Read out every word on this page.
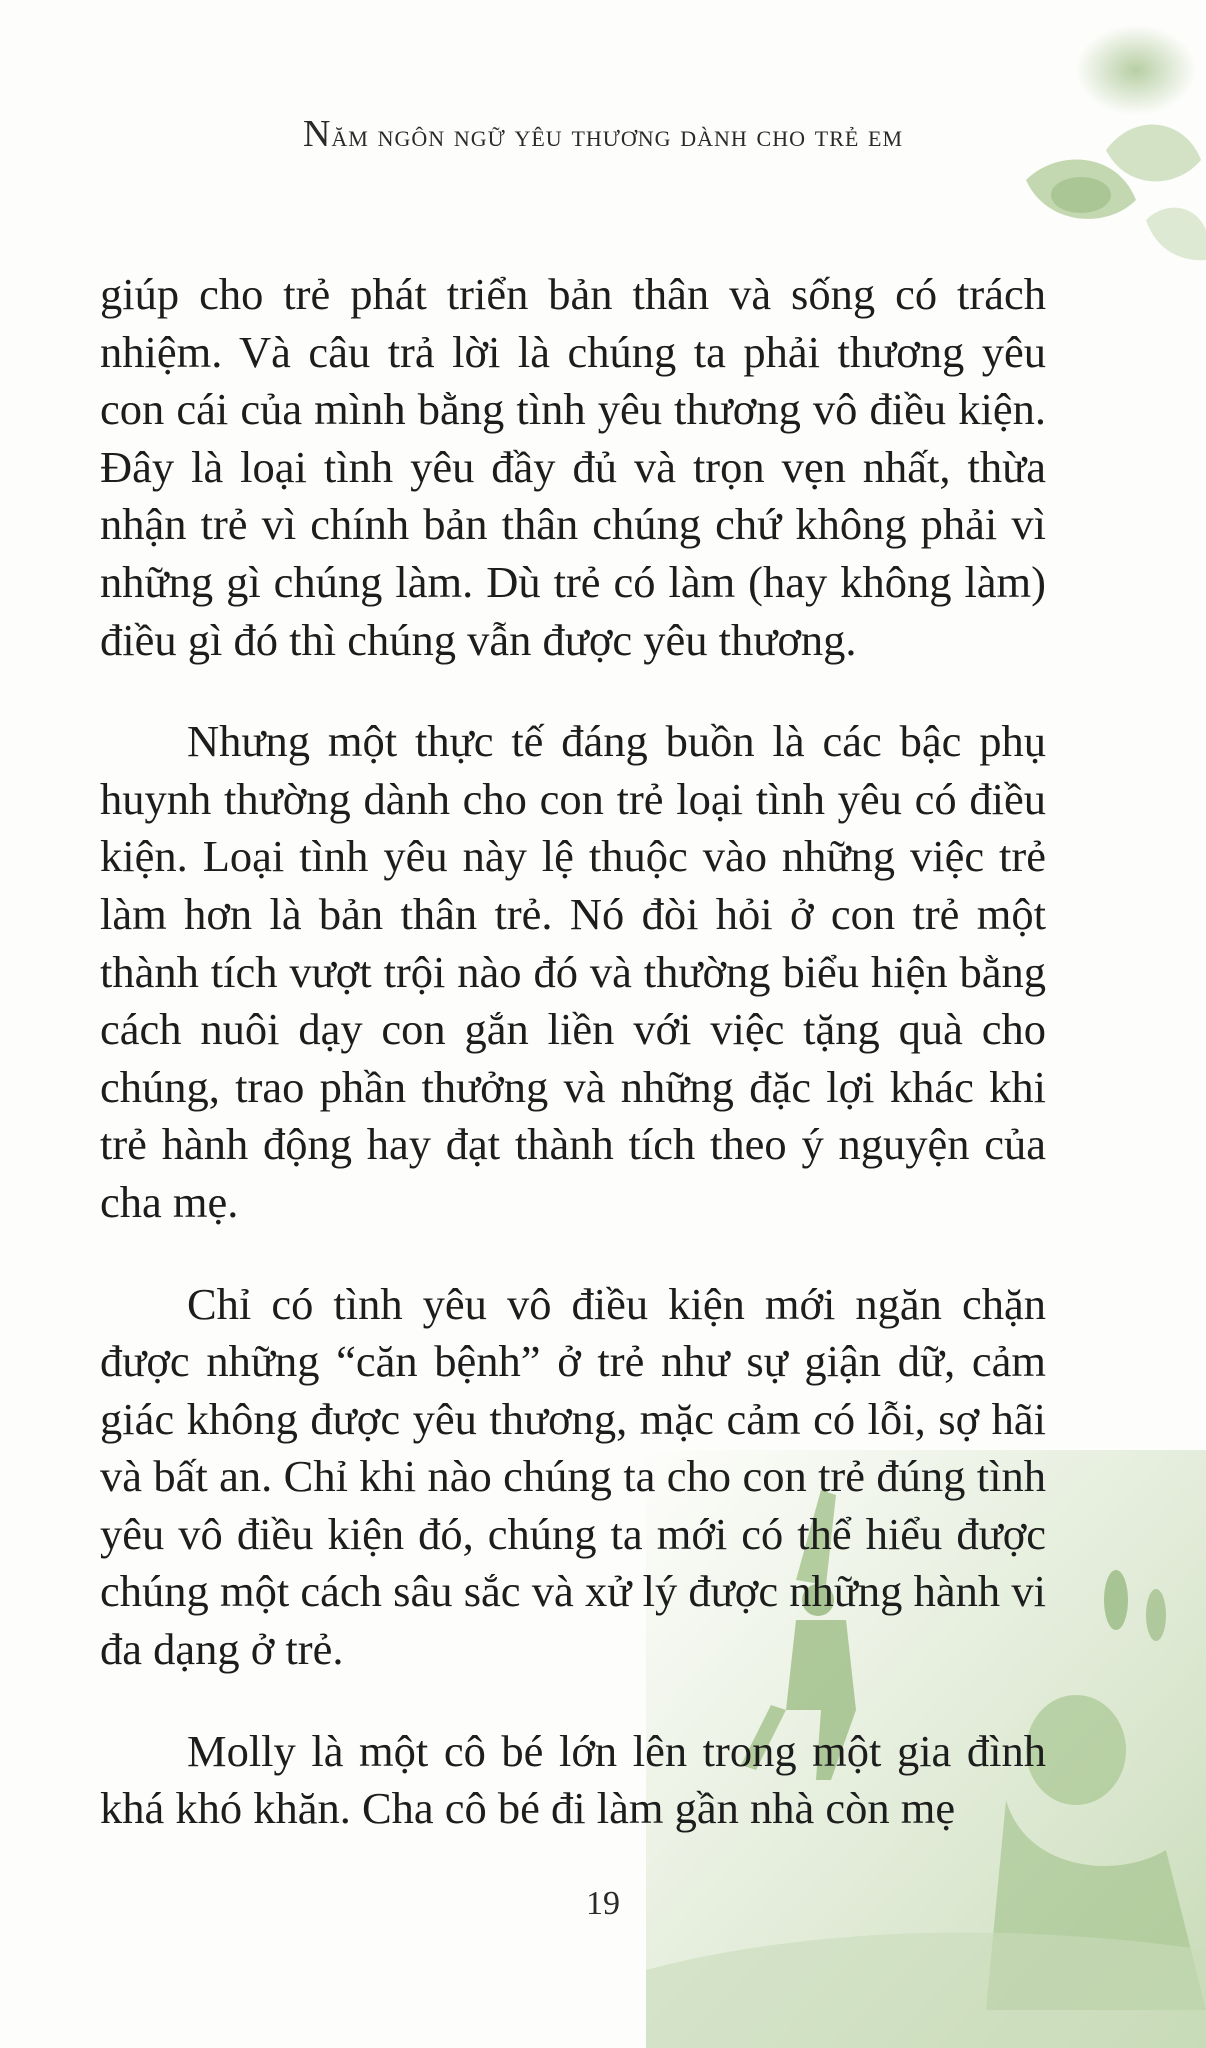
Năm ngôn ngữ yêu thương dành cho trẻ em

giúp cho trẻ phát triển bản thân và sống có trách nhiệm. Và câu trả lời là chúng ta phải thương yêu con cái của mình bằng tình yêu thương vô điều kiện. Đây là loại tình yêu đầy đủ và trọn vẹn nhất, thừa nhận trẻ vì chính bản thân chúng chứ không phải vì những gì chúng làm. Dù trẻ có làm (hay không làm) điều gì đó thì chúng vẫn được yêu thương.

Nhưng một thực tế đáng buồn là các bậc phụ huynh thường dành cho con trẻ loại tình yêu có điều kiện. Loại tình yêu này lệ thuộc vào những việc trẻ làm hơn là bản thân trẻ. Nó đòi hỏi ở con trẻ một thành tích vượt trội nào đó và thường biểu hiện bằng cách nuôi dạy con gắn liền với việc tặng quà cho chúng, trao phần thưởng và những đặc lợi khác khi trẻ hành động hay đạt thành tích theo ý nguyện của cha mẹ.

Chỉ có tình yêu vô điều kiện mới ngăn chặn được những “căn bệnh” ở trẻ như sự giận dữ, cảm giác không được yêu thương, mặc cảm có lỗi, sợ hãi và bất an. Chỉ khi nào chúng ta cho con trẻ đúng tình yêu vô điều kiện đó, chúng ta mới có thể hiểu được chúng một cách sâu sắc và xử lý được những hành vi đa dạng ở trẻ.

Molly là một cô bé lớn lên trong một gia đình khá khó khăn. Cha cô bé đi làm gần nhà còn mẹ

19
